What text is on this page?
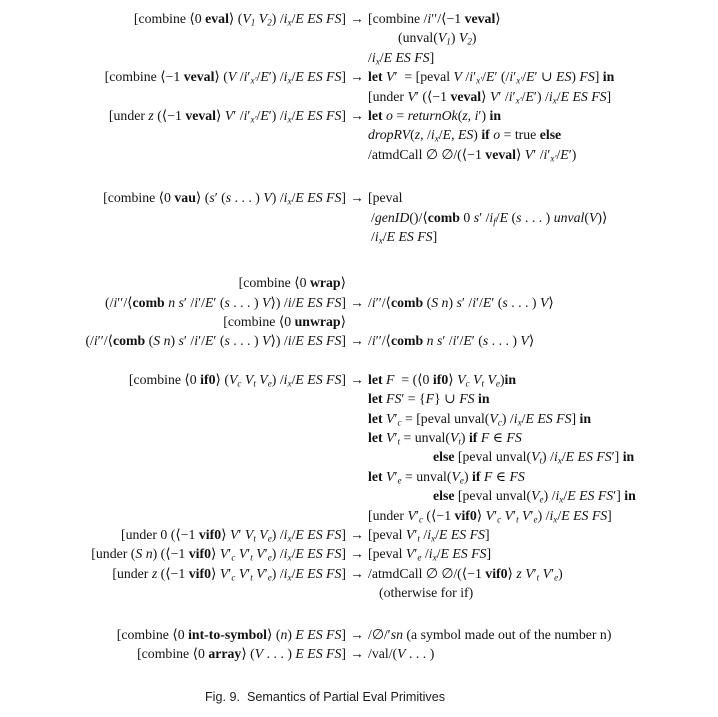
[combine ⟨0 eval⟩ ($V_1$ $V_2$) $/i_x/E$ ES FS] → [combine /i′′/⟨−1 veval⟩
($unval(V_1)$ $V_2$)
$/i_x/E$ ES FS]
[combine ⟨−1 veval⟩ (V $/i'_{x'}/E'$) $/i_x/E$ ES FS] → let V′  = [peval V $/i'_{x'}/E'$ ($/i'_{x'}/E'$ ∪ ES) FS] in
[under V′ (⟨−1 veval⟩ V′ $/i'_{x'}/E'$) $/i_x/E$ ES FS]
[under z (⟨−1 veval⟩ V′ $/i'_{x'}/E'$) $/i_x/E$ ES FS] → let o = returnOk(z, i′) in
dropRV(z, $/i_x/E$, ES) if o = true else
/atmdCall ∅ ∅/(⟨−1 veval⟩ V′ $/i'_{x'}/E'$)
[combine ⟨0 vau⟩ (s′ (s . . . ) V) $/i_x/E$ ES FS] → [peval
/genID()/⟨comb 0 s′ $/i_f/E$ (s . . . ) unval(V)⟩
$/i_x/E$ ES FS]
[combine ⟨0 wrap⟩
(/i′′/⟨comb n s′ /i′/E′ (s . . . ) V⟩) /i/E ES FS] → /i′′/⟨comb (S n) s′ /i′/E′ (s . . . ) V⟩
[combine ⟨0 unwrap⟩
(/i′′/⟨comb (S n) s′ /i′/E′ (s . . . ) V⟩) /i/E ES FS] → /i′′/⟨comb n s′ /i′/E′ (s . . . ) V⟩
[combine ⟨0 if0⟩ ($V_c$ $V_t$ $V_e$) $/i_x/E$ ES FS] → let F  = (⟨0 if0⟩ $V_c$ $V_t$ $V_e)in$
let FS′ = {F} ∪ FS in
let $V'_c$ = [peval $unval(V_c)$ $/i_x/E$ ES FS] in
let $V'_t$ = $unval(V_t)$ if F ∈ FS
else [peval $unval(V_t)$ $/i_x/E$ ES FS′] in
let $V'_e$ = $unval(V_e)$ if F ∈ FS
else [peval $unval(V_e)$ $/i_x/E$ ES FS′] in
[under $V'_c$ (⟨−1 vif0⟩ $V'_c$ $V'_t$ $V'_e$) $/i_x/E$ ES FS]
[under 0 (⟨−1 vif0⟩ V′ $V_t$ $V_e$) $/i_x/E$ ES FS] → [peval $V'_t$ $/i_x/E$ ES FS]
[under (S n) (⟨−1 vif0⟩ $V'_c$ $V'_t$ $V'_e$) $/i_x/E$ ES FS] → [peval $V'_e$ $/i_x/E$ ES FS]
[under z (⟨−1 vif0⟩ $V'_c$ $V'_t$ $V'_e$) $/i_x/E$ ES FS] → /atmdCall ∅ ∅/(⟨−1 vif0⟩ z $V'_t$ $V'_e$)
(otherwise for if)
[combine ⟨0 int-to-symbol⟩ (n) E ES FS] → /∅/′sn (a symbol made out of the number n)
[combine ⟨0 array⟩ (V . . . ) E ES FS] → /val/(V . . . )
Fig. 9.  Semantics of Partial Eval Primitives
